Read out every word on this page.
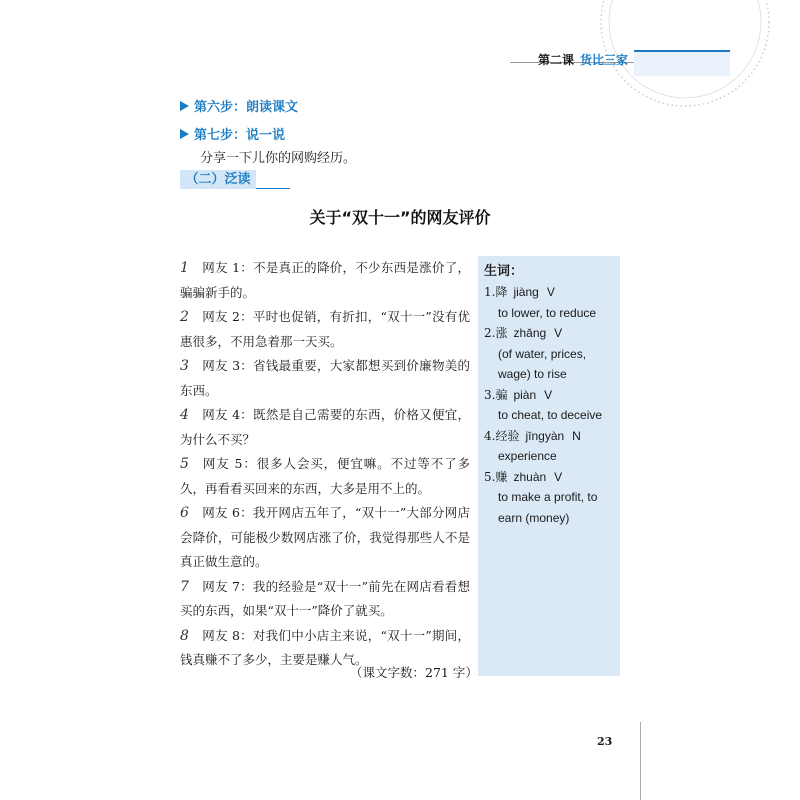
第二课 货比三家
第六步：朗读课文
第七步：说一说
分享一下儿你的网购经历。
（二）泛读
关于“双十一”的网友评价
1 网友 1：不是真正的降价，不少东西是涨价了，骗骗新手的。
2 网友 2：平时也促销，有折扣，“双十一”没有优惠很多，不用急着那一天买。
3 网友 3：省钱最重要，大家都想买到价廉物美的东西。
4 网友 4：既然是自己需要的东西，价格又便宜，为什么不买？
5 网友 5：很多人会买，便宜嘛。不过等不了多久，再看看买回来的东西，大多是用不上的。
6 网友 6：我开网店五年了，“双十一”大部分网店会降价，可能极少数网店涨了价，我觉得那些人不是真正做生意的。
7 网友 7：我的经验是“双十一”前先在网店看看想买的东西，如果“双十一”降价了就买。
8 网友 8：对我们中小店主来说，“双十一”期间，钱真赚不了多少，主要是赚人气。
（课文字数：271 字）
生词：
1.降 jiàng V
to lower, to reduce
2.涨 zhǎng V
(of water, prices, wage) to rise
3.骗 piàn V
to cheat, to deceive
4.经验 jīngyàn N
experience
5.赚 zhuàn V
to make a profit, to earn (money)
23
